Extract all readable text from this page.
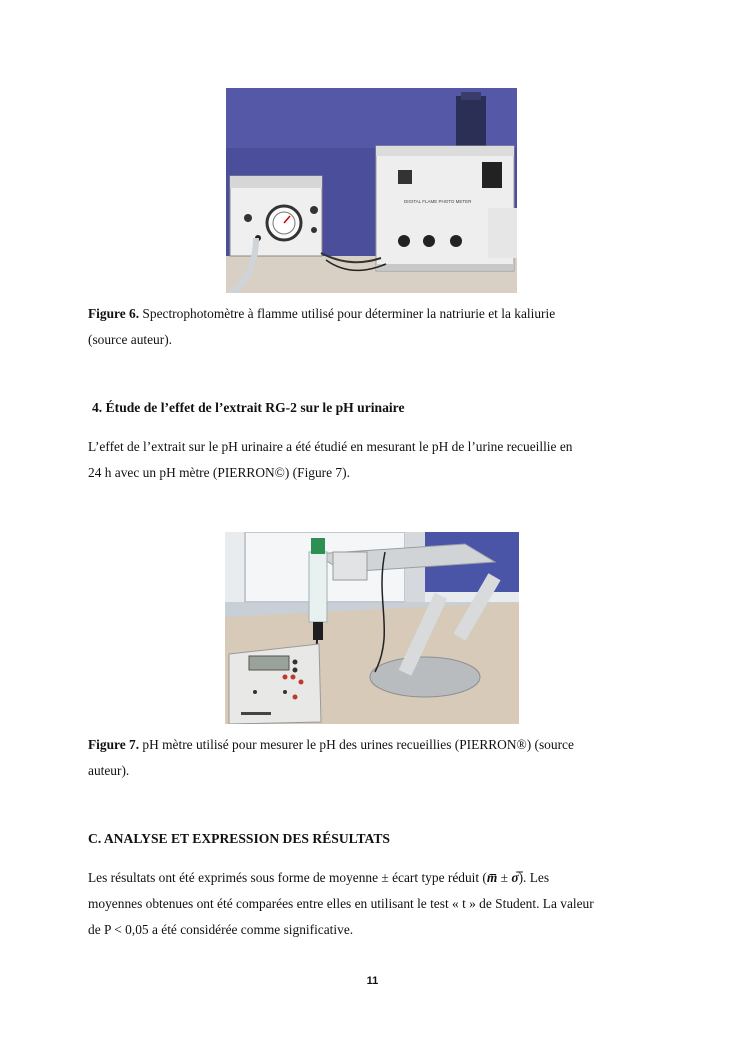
DIGITAL FLAME PHOTO METER

Figure 6. Spectrophotomètre à flamme utilisé pour déterminer la natriurie et la kaliurie
(source auteur).

4. Étude de l’effet de l’extrait RG-2 sur le pH urinaire

L’effet de l’extrait sur le pH urinaire a été étudié en mesurant le pH de l’urine recueillie en
24 h avec un pH mètre (PIERRON©) (Figure 7).

Figure 7. pH mètre utilisé pour mesurer le pH des urines recueillies (PIERRON®) (source
auteur).

C. ANALYSE ET EXPRESSION DES RÉSULTATS

Les résultats ont été exprimés sous forme de moyenne ± écart type réduit (m̅ ± σ̅). Les
moyennes obtenues ont été comparées entre elles en utilisant le test « t » de Student. La valeur
de P < 0,05 a été considérée comme significative.

11
